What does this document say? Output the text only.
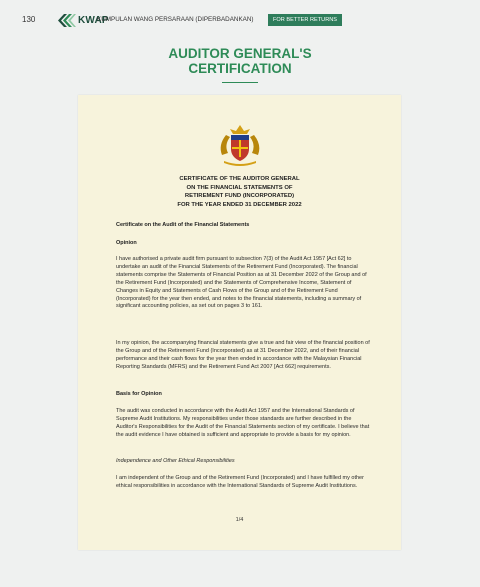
130	KWAP
KUMPULAN WANG PERSARAAN (DIPERBADANKAN)	FOR BETTER RETURNS
AUDITOR GENERAL'S
CERTIFICATION
CERTIFICATE OF THE AUDITOR GENERAL
ON THE FINANCIAL STATEMENTS OF
RETIREMENT FUND (INCORPORATED)
FOR THE YEAR ENDED 31 DECEMBER 2022

Certificate on the Audit of the Financial Statements

Opinion

I have authorised a private audit firm pursuant to subsection 7(3) of the Audit Act 1957 [Act 62] to undertake an audit of the Financial Statements of the Retirement Fund (Incorporated). The financial statements comprise the Statements of Financial Position as at 31 December 2022 of the Group and of the Retirement Fund (Incorporated) and the Statements of Comprehensive Income, Statement of Changes in Equity and Statements of Cash Flows of the Group and of the Retirement Fund (Incorporated) for the year then ended, and notes to the financial statements, including a summary of significant accounting policies, as set out on pages 3 to 161.

In my opinion, the accompanying financial statements give a true and fair view of the financial position of the Group and of the Retirement Fund (Incorporated) as at 31 December 2022, and of their financial performance and their cash flows for the year then ended in accordance with the Malaysian Financial Reporting Standards (MFRS) and the Retirement Fund Act 2007 [Act 662] requirements.

Basis for Opinion

The audit was conducted in accordance with the Audit Act 1957 and the International Standards of Supreme Audit Institutions. My responsibilities under those standards are further described in the Auditor's Responsibilities for the Audit of the Financial Statements section of my certificate. I believe that the audit evidence I have obtained is sufficient and appropriate to provide a basis for my opinion.

Independence and Other Ethical Responsibilities

I am independent of the Group and of the Retirement Fund (Incorporated) and I have fulfilled my other ethical responsibilities in accordance with the International Standards of Supreme Audit Institutions.

1/4
